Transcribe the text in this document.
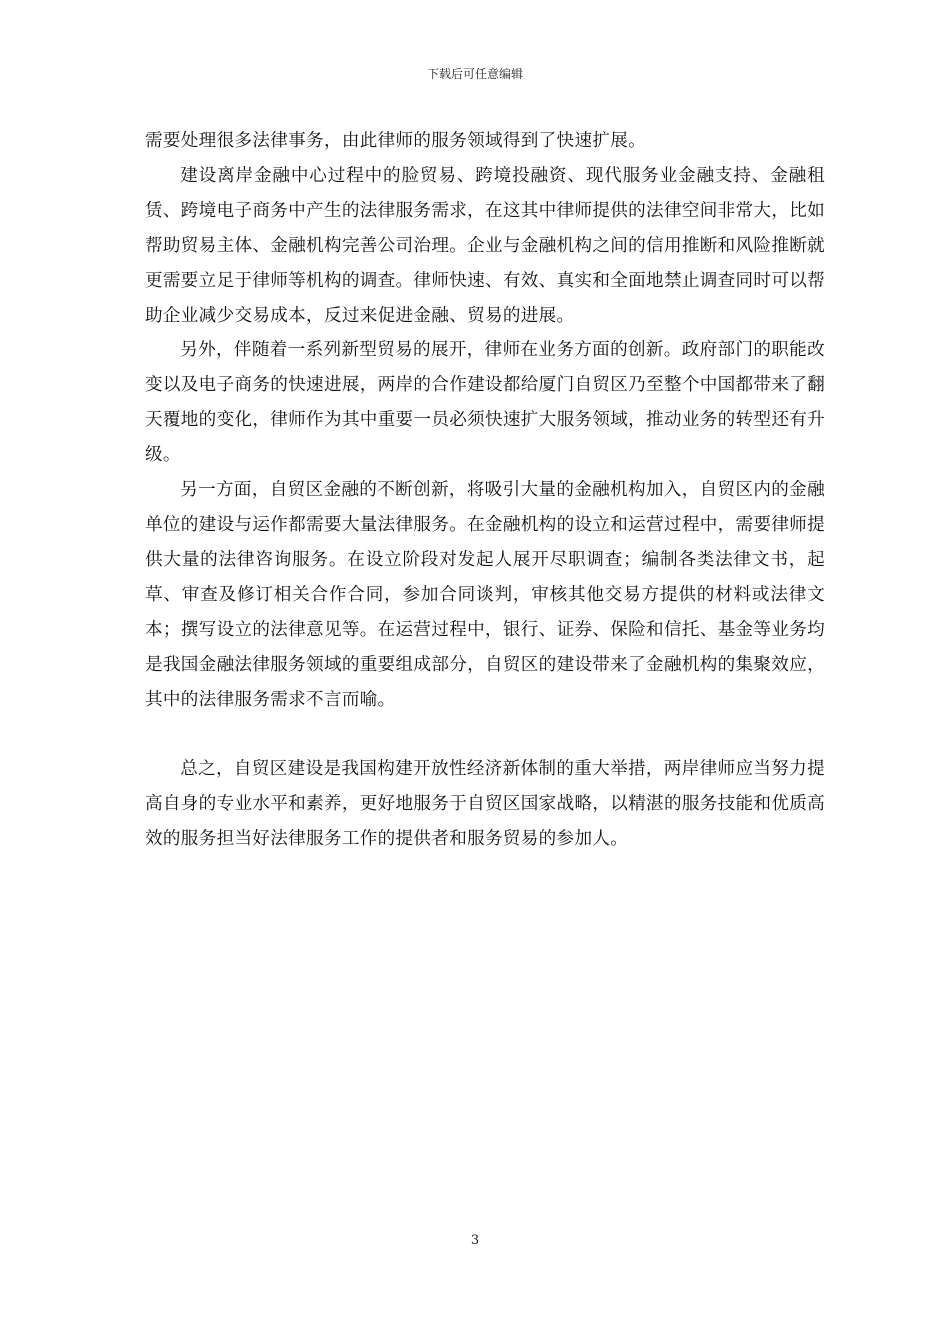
下载后可任意编辑

需要处理很多法律事务，由此律师的服务领域得到了快速扩展。

建设离岸金融中心过程中的脸贸易、跨境投融资、现代服务业金融支持、金融租赁、跨境电子商务中产生的法律服务需求，在这其中律师提供的法律空间非常大，比如帮助贸易主体、金融机构完善公司治理。企业与金融机构之间的信用推断和风险推断就更需要立足于律师等机构的调查。律师快速、有效、真实和全面地禁止调查同时可以帮助企业减少交易成本，反过来促进金融、贸易的进展。

另外，伴随着一系列新型贸易的展开，律师在业务方面的创新。政府部门的职能改变以及电子商务的快速进展，两岸的合作建设都给厦门自贸区乃至整个中国都带来了翻天覆地的变化，律师作为其中重要一员必须快速扩大服务领域，推动业务的转型还有升级。

另一方面，自贸区金融的不断创新，将吸引大量的金融机构加入，自贸区内的金融单位的建设与运作都需要大量法律服务。在金融机构的设立和运营过程中，需要律师提供大量的法律咨询服务。在设立阶段对发起人展开尽职调查；编制各类法律文书，起草、审查及修订相关合作合同，参加合同谈判，审核其他交易方提供的材料或法律文本；撰写设立的法律意见等。在运营过程中，银行、证券、保险和信托、基金等业务均是我国金融法律服务领域的重要组成部分，自贸区的建设带来了金融机构的集聚效应，其中的法律服务需求不言而喻。

总之，自贸区建设是我国构建开放性经济新体制的重大举措，两岸律师应当努力提高自身的专业水平和素养，更好地服务于自贸区国家战略，以精湛的服务技能和优质高效的服务担当好法律服务工作的提供者和服务贸易的参加人。

3
